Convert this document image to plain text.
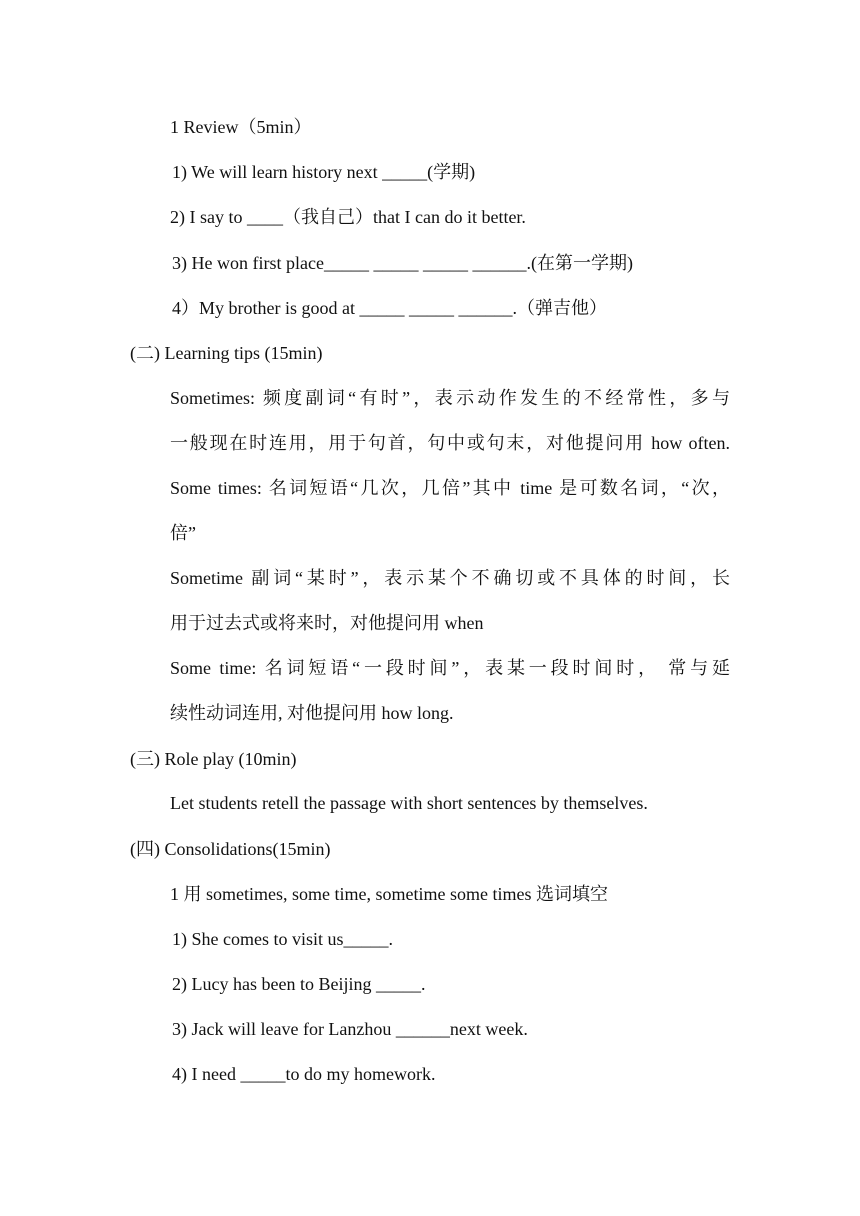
1 Review（5min）
1) We will learn history next _____(学期)
2) I say to ____（我自己）that I can do it better.
3) He won first place_____ _____ _____ ______.(在第一学期)
4）My brother is good at _____ _____ ______.（弹吉他）
(二) Learning tips (15min)
Sometimes: 频度副词“有时”，表示动作发生的不经常性，多与
一般现在时连用，用于句首，句中或句末，对他提问用 how often.
Some times: 名词短语“几次，几倍”其中 time 是可数名词，“次，
倍”
Sometime 副词“某时”，表示某个不确切或不具体的时间，长
用于过去式或将来时，对他提问用 when
Some time: 名词短语“一段时间”，表某一段时间时， 常与延
续性动词连用, 对他提问用 how long.
(三) Role play (10min)
Let students retell the passage with short sentences by themselves.
(四) Consolidations(15min)
1 用 sometimes, some time, sometime some times 选词填空
1) She comes to visit us_____.
2) Lucy has been to Beijing _____.
3) Jack will leave for Lanzhou ______next week.
4) I need _____to do my homework.
